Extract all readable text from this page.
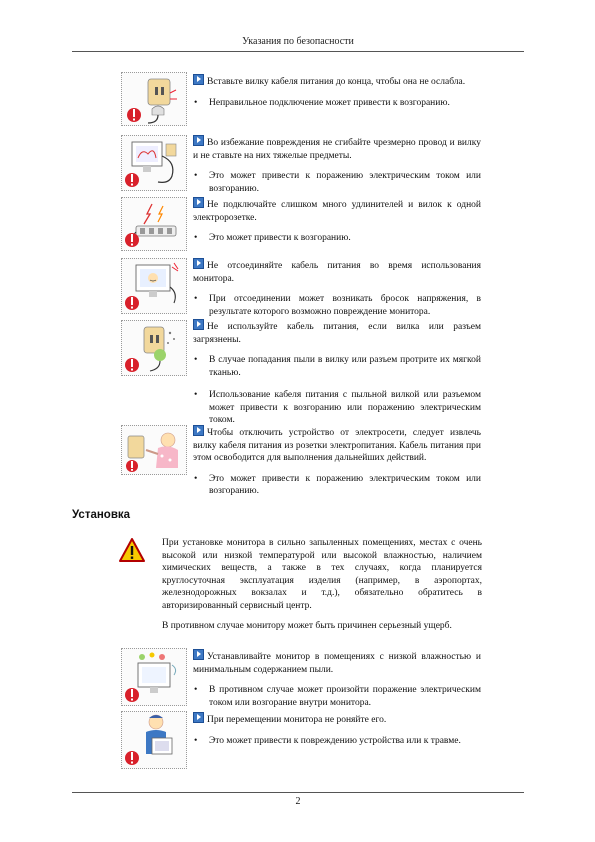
Указания по безопасности

Вставьте вилку кабеля питания до конца, чтобы она не ослабла.

• Неправильное подключение может привести к возгоранию.

Во избежание повреждения не сгибайте чрезмерно провод и вилку и не ставьте на них тяжелые предметы.

• Это может привести к поражению электрическим током или возгоранию.

Не подключайте слишком много удлинителей и вилок к одной электророзетке.

• Это может привести к возгоранию.

Не отсоединяйте кабель питания во время использования монитора.

• При отсоединении может возникать бросок напряжения, в результате которого возможно повреждение монитора.

Не используйте кабель питания, если вилка или разъем загрязнены.

• В случае попадания пыли в вилку или разъем протрите их мягкой тканью.

• Использование кабеля питания с пыльной вилкой или разъемом может привести к возгоранию или поражению электрическим током.

Чтобы отключить устройство от электросети, следует извлечь вилку кабеля питания из розетки электропитания. Кабель питания при этом освободится для выполнения дальнейших действий.

• Это может привести к поражению электрическим током или возгоранию.

Установка

При установке монитора в сильно запыленных помещениях, местах с очень высокой или низкой температурой или высокой влажностью, наличием химических веществ, а также в тех случаях, когда планируется круглосуточная эксплуатация изделия (например, в аэропортах, железнодорожных вокзалах и т.д.), обязательно обратитесь в авторизированный сервисный центр.

В противном случае монитору может быть причинен серьезный ущерб.

Устанавливайте монитор в помещениях с низкой влажностью и минимальным содержанием пыли.

• В противном случае может произойти поражение электрическим током или возгорание внутри монитора.

При перемещении монитора не роняйте его.

• Это может привести к повреждению устройства или к травме.

2
